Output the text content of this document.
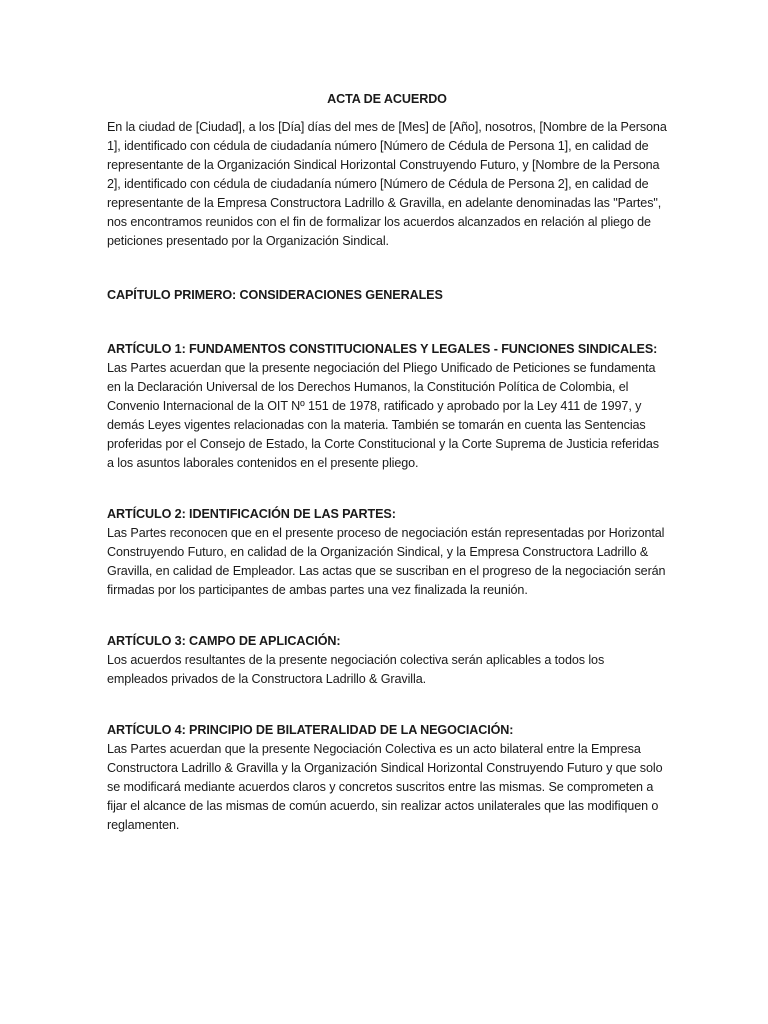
ACTA DE ACUERDO

En la ciudad de [Ciudad], a los [Día] días del mes de [Mes] de [Año], nosotros, [Nombre de la Persona 1], identificado con cédula de ciudadanía número [Número de Cédula de Persona 1], en calidad de representante de la Organización Sindical Horizontal Construyendo Futuro, y [Nombre de la Persona 2], identificado con cédula de ciudadanía número [Número de Cédula de Persona 2], en calidad de representante de la Empresa Constructora Ladrillo & Gravilla, en adelante denominadas las "Partes", nos encontramos reunidos con el fin de formalizar los acuerdos alcanzados en relación al pliego de peticiones presentado por la Organización Sindical.

CAPÍTULO PRIMERO: CONSIDERACIONES GENERALES

ARTÍCULO 1: FUNDAMENTOS CONSTITUCIONALES Y LEGALES - FUNCIONES SINDICALES:

Las Partes acuerdan que la presente negociación del Pliego Unificado de Peticiones se fundamenta en la Declaración Universal de los Derechos Humanos, la Constitución Política de Colombia, el Convenio Internacional de la OIT Nº 151 de 1978, ratificado y aprobado por la Ley 411 de 1997, y demás Leyes vigentes relacionadas con la materia. También se tomarán en cuenta las Sentencias proferidas por el Consejo de Estado, la Corte Constitucional y la Corte Suprema de Justicia referidas a los asuntos laborales contenidos en el presente pliego.

ARTÍCULO 2: IDENTIFICACIÓN DE LAS PARTES:

Las Partes reconocen que en el presente proceso de negociación están representadas por Horizontal Construyendo Futuro, en calidad de la Organización Sindical, y la Empresa Constructora Ladrillo & Gravilla, en calidad de Empleador. Las actas que se suscriban en el progreso de la negociación serán firmadas por los participantes de ambas partes una vez finalizada la reunión.

ARTÍCULO 3: CAMPO DE APLICACIÓN:

Los acuerdos resultantes de la presente negociación colectiva serán aplicables a todos los empleados privados de la Constructora Ladrillo & Gravilla.

ARTÍCULO 4: PRINCIPIO DE BILATERALIDAD DE LA NEGOCIACIÓN:

Las Partes acuerdan que la presente Negociación Colectiva es un acto bilateral entre la Empresa Constructora Ladrillo & Gravilla y la Organización Sindical Horizontal Construyendo Futuro y que solo se modificará mediante acuerdos claros y concretos suscritos entre las mismas. Se comprometen a fijar el alcance de las mismas de común acuerdo, sin realizar actos unilaterales que las modifiquen o reglamenten.
